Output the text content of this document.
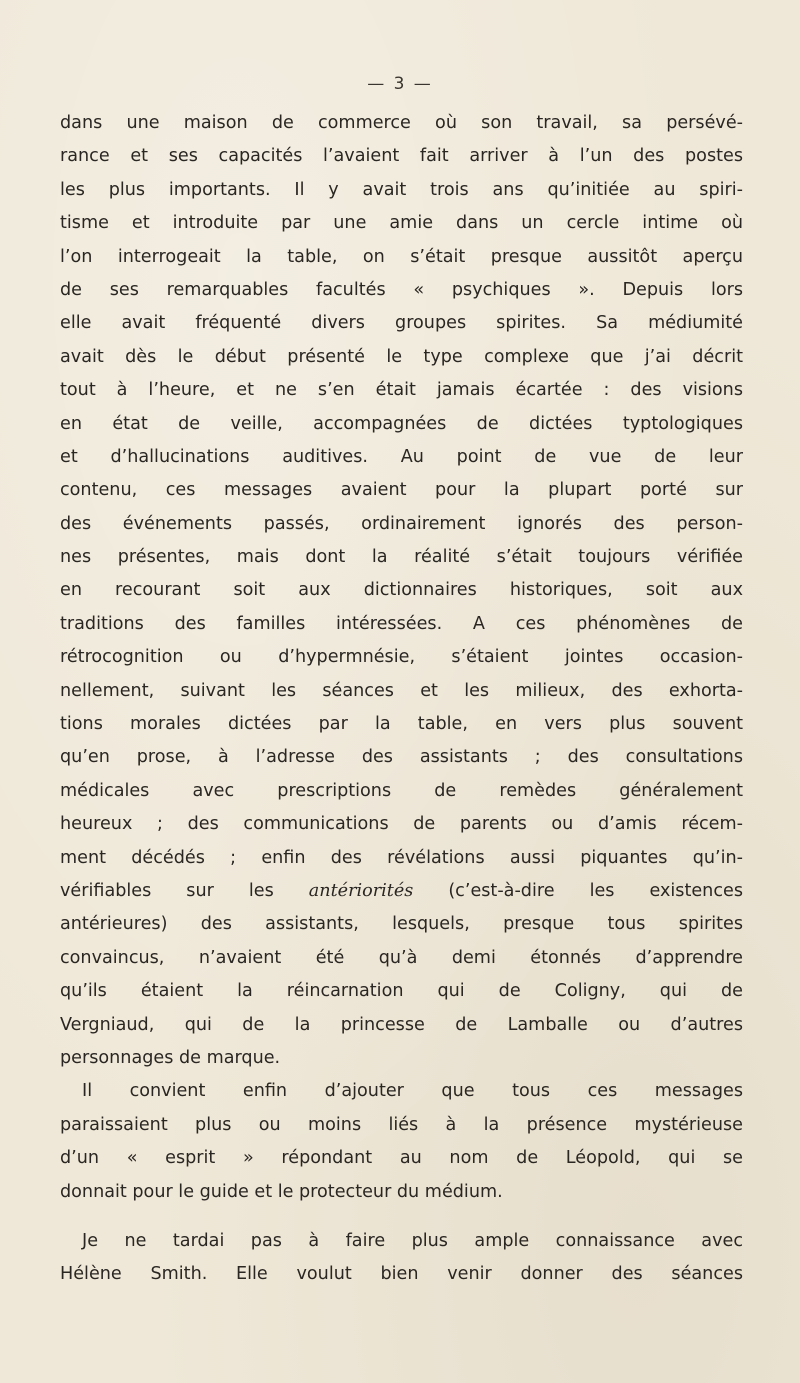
— 3 —
dans une maison de commerce où son travail, sa persévé-
rance et ses capacités l’avaient fait arriver à l’un des postes
les plus importants. Il y avait trois ans qu’initiée au spiri-
tisme et introduite par une amie dans un cercle intime où
l’on interrogeait la table, on s’était presque aussitôt aperçu
de ses remarquables facultés « psychiques ». Depuis lors
elle avait fréquenté divers groupes spirites. Sa médiumité
avait dès le début présenté le type complexe que j’ai décrit
tout à l’heure, et ne s’en était jamais écartée : des visions
en état de veille, accompagnées de dictées typtologiques
et d’hallucinations auditives. Au point de vue de leur
contenu, ces messages avaient pour la plupart porté sur
des événements passés, ordinairement ignorés des person-
nes présentes, mais dont la réalité s’était toujours vérifiée
en recourant soit aux dictionnaires historiques, soit aux
traditions des familles intéressées. A ces phénomènes de
rétrocognition ou d’hypermnésie, s’étaient jointes occasion-
nellement, suivant les séances et les milieux, des exhorta-
tions morales dictées par la table, en vers plus souvent
qu’en prose, à l’adresse des assistants ; des consultations
médicales avec prescriptions de remèdes généralement
heureux ; des communications de parents ou d’amis récem-
ment décédés ; enfin des révélations aussi piquantes qu’in-
vérifiables sur les antériorités (c’est-à-dire les existences
antérieures) des assistants, lesquels, presque tous spirites
convaincus, n’avaient été qu’à demi étonnés d’apprendre
qu’ils étaient la réincarnation qui de Coligny, qui de
Vergniaud, qui de la princesse de Lamballe ou d’autres
personnages de marque.
Il convient enfin d’ajouter que tous ces messages
paraissaient plus ou moins liés à la présence mystérieuse
d’un « esprit » répondant au nom de Léopold, qui se
donnait pour le guide et le protecteur du médium.
Je ne tardai pas à faire plus ample connaissance avec
Hélène Smith. Elle voulut bien venir donner des séances
